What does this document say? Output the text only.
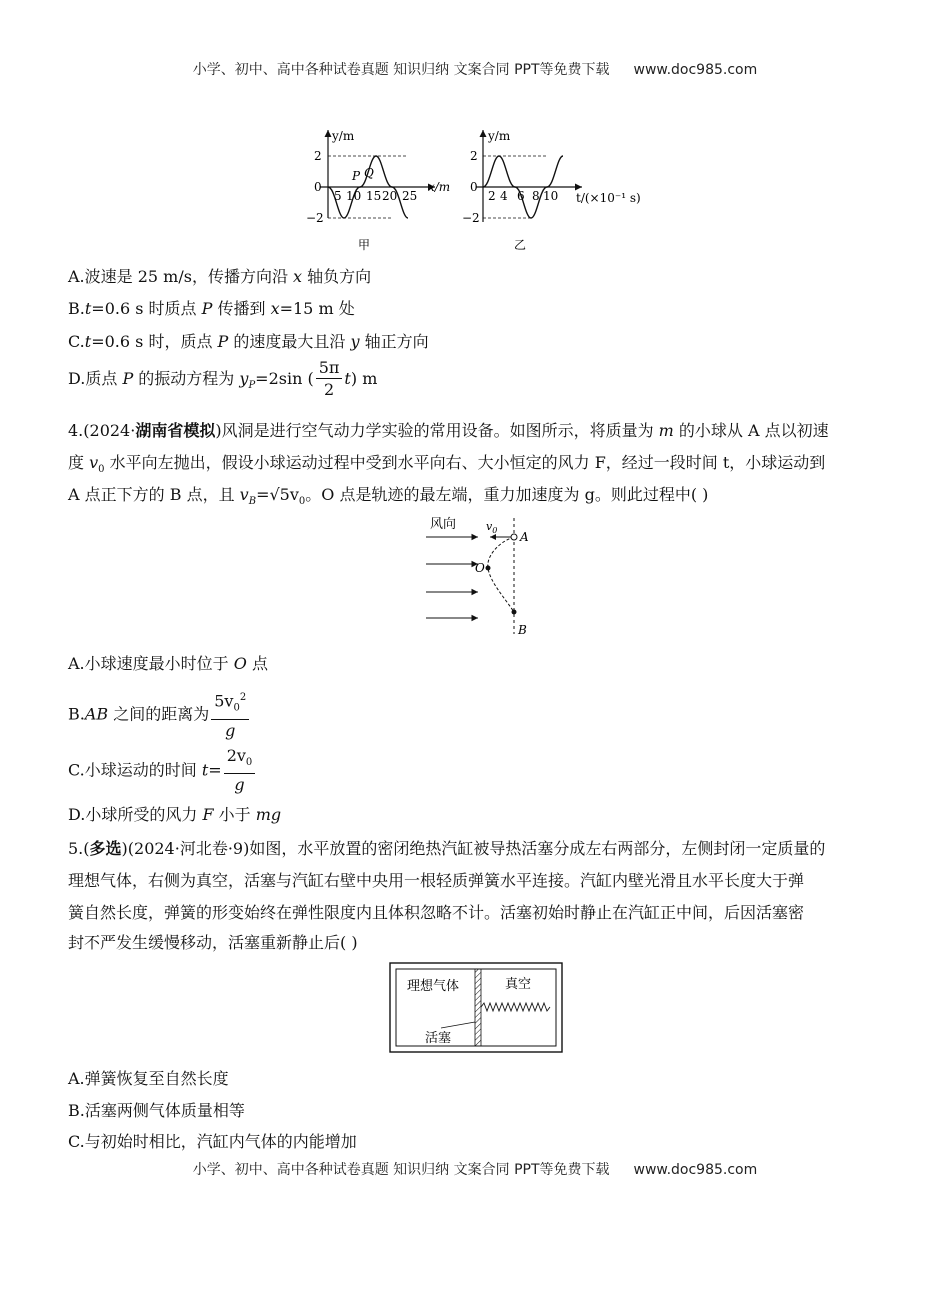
小学、初中、高中各种试卷真题 知识归纳 文案合同 PPT等免费下载 www.doc985.com
y/m
x/m
2
0
−2
5 10 15 20 25
P Q
甲
y/m
t/(×10⁻¹ s)
2
0
−2
2 4 6 8 10
乙
A.波速是 25 m/s，传播方向沿 x 轴负方向
B.t=0.6 s 时质点 P 传播到 x=15 m 处
C.t=0.6 s 时，质点 P 的速度最大且沿 y 轴正方向
D.质点 P 的振动方程为 $y_P=2\sin$ ( $\frac{5\pi}{2} t$) m
4.(2024·湖南省模拟)风洞是进行空气动力学实验的常用设备。如图所示，将质量为 m 的小球从 A 点以初速
度 $v_0$ 水平向左抛出，假设小球运动过程中受到水平向右、大小恒定的风力 F，经过一段时间 t，小球运动到
A 点正下方的 B 点，且 $v_B=√5v_0$。O 点是轨迹的最左端，重力加速度为 g。则此过程中( )
风向	$v_0$ A
O
B
A.小球速度最小时位于 O 点
B.AB 之间的距离为 $\frac{5v_0^2}{g}$
C.小球运动的时间 $t= \frac{2v_0}{g}$
D.小球所受的风力 F 小于 mg
5.(多选)(2024·河北卷·9)如图，水平放置的密闭绝热汽缸被导热活塞分成左右两部分，左侧封闭一定质量的
理想气体，右侧为真空，活塞与汽缸右壁中央用一根轻质弹簧水平连接。汽缸内壁光滑且水平长度大于弹
簧自然长度，弹簧的形变始终在弹性限度内且体积忽略不计。活塞初始时静止在汽缸正中间，后因活塞密
封不严发生缓慢移动，活塞重新静止后( )
理想气体	真空
活塞
A.弹簧恢复至自然长度
B.活塞两侧气体质量相等
C.与初始时相比，汽缸内气体的内能增加
小学、初中、高中各种试卷真题 知识归纳 文案合同 PPT等免费下载 www.doc985.com
